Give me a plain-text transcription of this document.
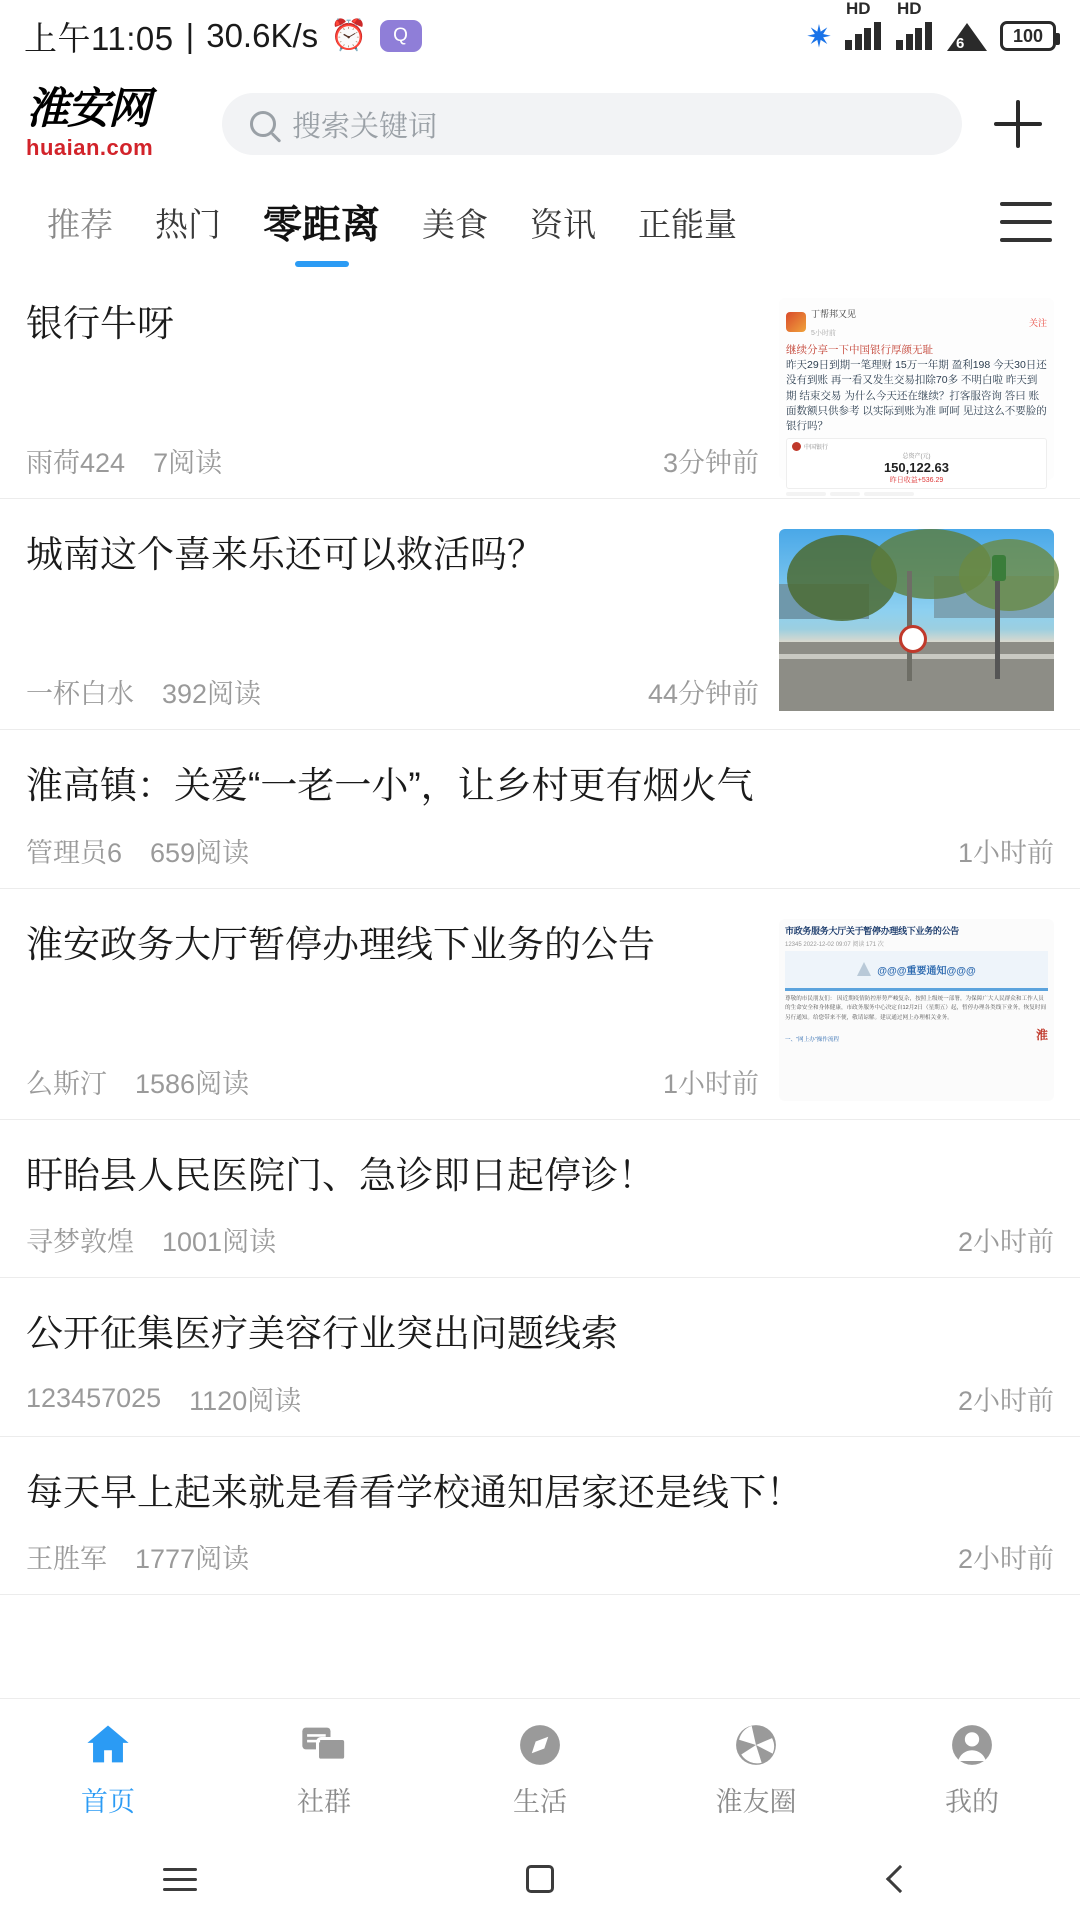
上午11:05 | 30.6K/s ⏰ Q	✷
HD HD
6	100
淮安网
huaian.com
搜索关键词
推荐	热门	零距离	美食	资讯	正能量
银行牛呀
雨荷424 7阅读	3分钟前
丁帮邦又见
5小时前
关注
继续分享一下中国银行厚颜无耻
昨天29日到期一笔理财 15万一年期 盈利198 今天30日还没有到账 再一看又发生交易扣除70多 不明白啦 昨天到期 结束交易 为什么今天还在继续？打客服咨询 答曰 账面数额只供参考 以实际到账为准 呵呵 见过这么不要脸的银行吗？
中国银行
总资产(元)
150,122.63
昨日收益+536.29
城南这个喜来乐还可以救活吗？
一杯白水 392阅读	44分钟前
淮高镇：关爱“一老一小”，让乡村更有烟火气
管理员6 659阅读	1小时前
淮安政务大厅暂停办理线下业务的公告
么斯汀 1586阅读	1小时前
市政务服务大厅关于暂停办理线下业务的公告
12345 2022-12-02 09:07 阅读 171 次
@@@重要通知@@@
尊敬的市民朋友们： 因近期疫情防控形势严峻复杂，按照上级统一部署，为保障广大人民群众和工作人员的生命安全和身体健康，市政务服务中心决定自12月2日（星期五）起，暂停办理各类线下业务，恢复时间另行通知。给您带来不便，敬请谅解。建议通过网上办理相关业务。
一、“网上办”操作流程	淮
盱眙县人民医院门、急诊即日起停诊！
寻梦敦煌 1001阅读	2小时前
公开征集医疗美容行业突出问题线索
123457025 1120阅读	2小时前
每天早上起来就是看看学校通知居家还是线下！
王胜军 1777阅读	2小时前
首页	社群	生活	淮友圈	我的
